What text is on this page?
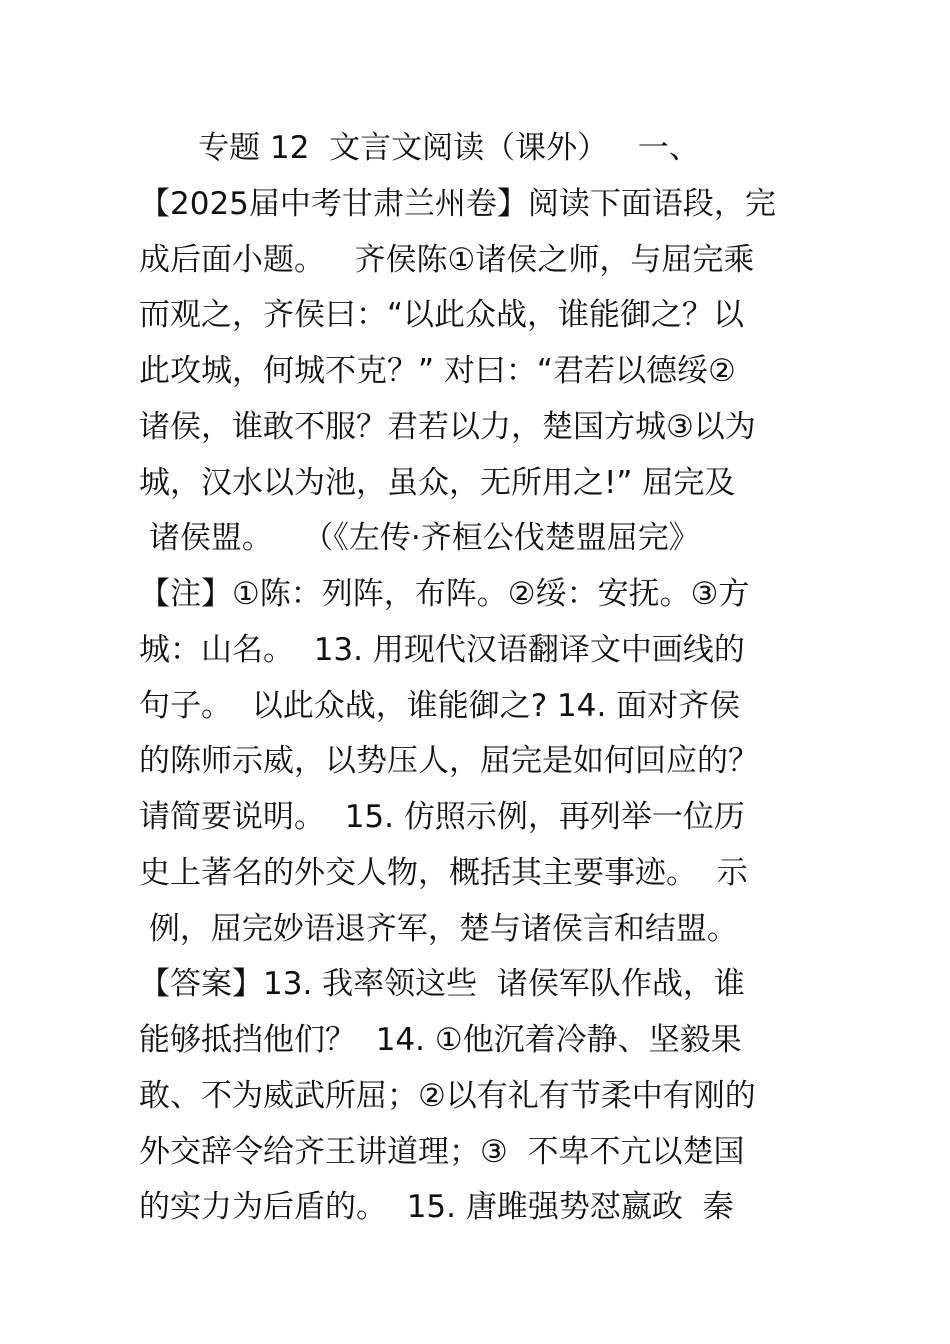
专题 12  文言文阅读（课外）   一、
【2025届中考甘肃兰州卷】阅读下面语段，完
成后面小题。   齐侯陈①诸侯之师，与屈完乘
而观之，齐侯曰：“以此众战，谁能御之？以
此攻城，何城不克？” 对曰：“君若以德绥②
诸侯，谁敢不服？君若以力，楚国方城③以为
城，汉水以为池，虽众，无所用之!” 屈完及
诸侯盟。   （《左传·齐桓公伐楚盟屈完》
【注】①陈：列阵，布阵。②绥：安抚。③方
城：山名。  13. 用现代汉语翻译文中画线的
句子。  以此众战，谁能御之? 14. 面对齐侯
的陈师示威，以势压人，屈完是如何回应的？
请简要说明。  15. 仿照示例，再列举一位历
史上著名的外交人物，概括其主要事迹。  示
例，屈完妙语退齐军，楚与诸侯言和结盟。
【答案】13. 我率领这些  诸侯军队作战，谁
能够抵挡他们？  14. ①他沉着冷静、坚毅果
敢、不为威武所屈；②以有礼有节柔中有刚的
外交辞令给齐王讲道理；③  不卑不亢以楚国
的实力为后盾的。  15. 唐雎强势怼嬴政  秦
